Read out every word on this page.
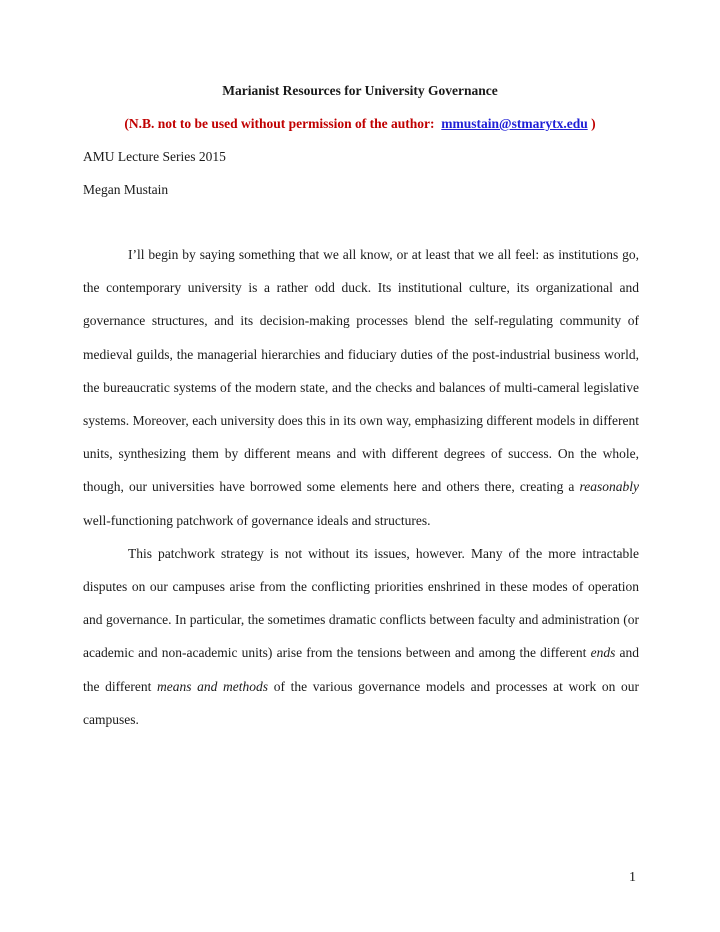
Marianist Resources for University Governance

(N.B. not to be used without permission of the author: mmustain@stmarytx.edu )

AMU Lecture Series 2015

Megan Mustain

I’ll begin by saying something that we all know, or at least that we all feel: as institutions go, the contemporary university is a rather odd duck. Its institutional culture, its organizational and governance structures, and its decision-making processes blend the self-regulating community of medieval guilds, the managerial hierarchies and fiduciary duties of the post-industrial business world, the bureaucratic systems of the modern state, and the checks and balances of multi-cameral legislative systems. Moreover, each university does this in its own way, emphasizing different models in different units, synthesizing them by different means and with different degrees of success. On the whole, though, our universities have borrowed some elements here and others there, creating a reasonably well-functioning patchwork of governance ideals and structures.

This patchwork strategy is not without its issues, however. Many of the more intractable disputes on our campuses arise from the conflicting priorities enshrined in these modes of operation and governance. In particular, the sometimes dramatic conflicts between faculty and administration (or academic and non-academic units) arise from the tensions between and among the different ends and the different means and methods of the various governance models and processes at work on our campuses.

1
